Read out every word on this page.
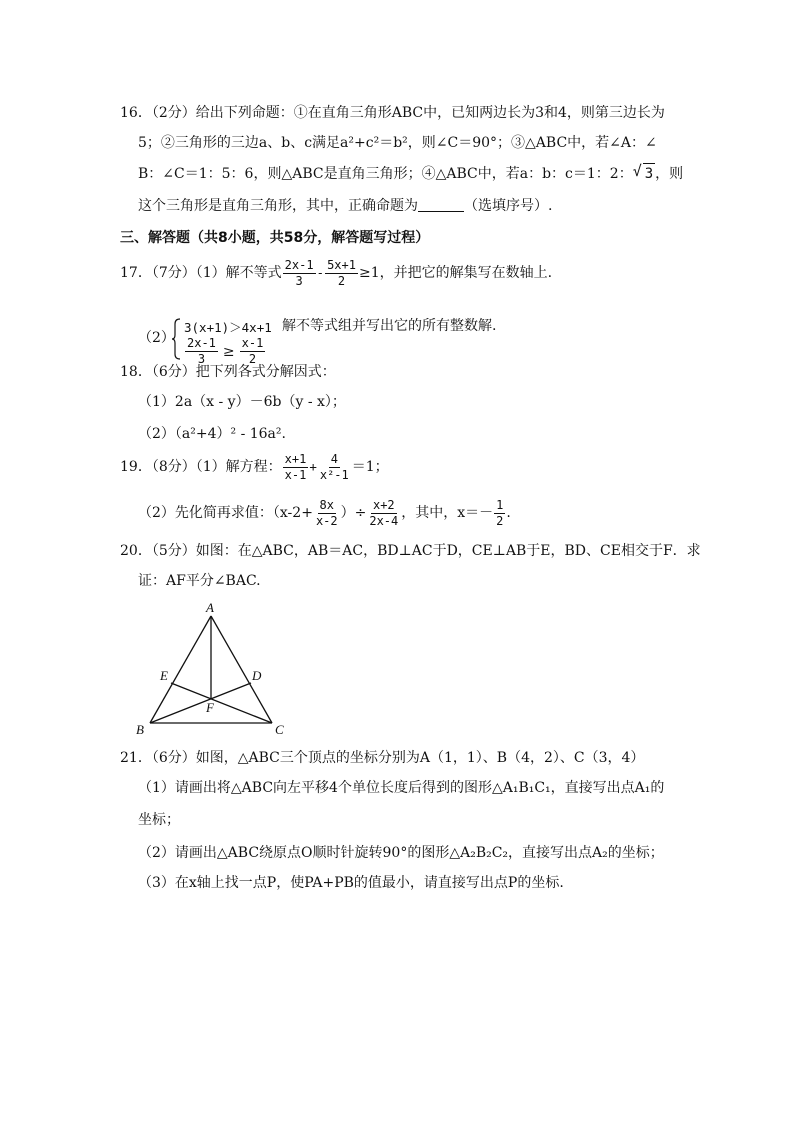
16．（2分）给出下列命题：①在直角三角形ABC中，已知两边长为3和4，则第三边长为
5；②三角形的三边a、b、c满足a²+c²＝b²，则∠C＝90°；③△ABC中，若∠A：∠
B：∠C＝1：5：6，则△ABC是直角三角形；④△ABC中，若a：b：c＝1：2：√ 3 ，则
这个三角形是直角三角形，其中，正确命题为	（选填序号）.
三、解答题（共8小题，共58分，解答题写过程）
17．（7分）（1）解不等式 $\frac{2x-1}{3} - \frac{5x+1}{2} \ge 1$，并把它的解集写在数轴上.
（2）
3(x+1)＞4x+1
$\frac{2x-1}{3} \ge \frac{x-1}{2}$
解不等式组并写出它的所有整数解.
18．（6分）把下列各式分解因式：
（1）2a（x - y）－6b（y - x）；
（2）（a²+4）² - 16a².
19．（8分）（1）解方程： $\frac{x+1}{x-1} + \frac{4}{\text{x²-1}} =1$；
（2）先化简再求值：（$x-2+ \frac{8x}{x-2}$ ）÷ $\frac{x+2}{2x-4}$ ，其中，$x=- \frac{1}{2}$ .
20．（5分）如图：在△ABC，AB＝AC，BD⊥AC于D，CE⊥AB于E，BD、CE相交于F．求
证：AF平分∠BAC.
A
B	C
D
E
F
21．（6分）如图，△ABC三个顶点的坐标分别为A（1，1）、B（4，2）、C（3，4）
（1）请画出将△ABC向左平移4个单位长度后得到的图形△A₁B₁C₁，直接写出点A₁的
坐标；
（2）请画出△ABC绕原点O顺时针旋转90°的图形△A₂B₂C₂，直接写出点A₂的坐标；
（3）在x轴上找一点P，使PA+PB的值最小，请直接写出点P的坐标.
